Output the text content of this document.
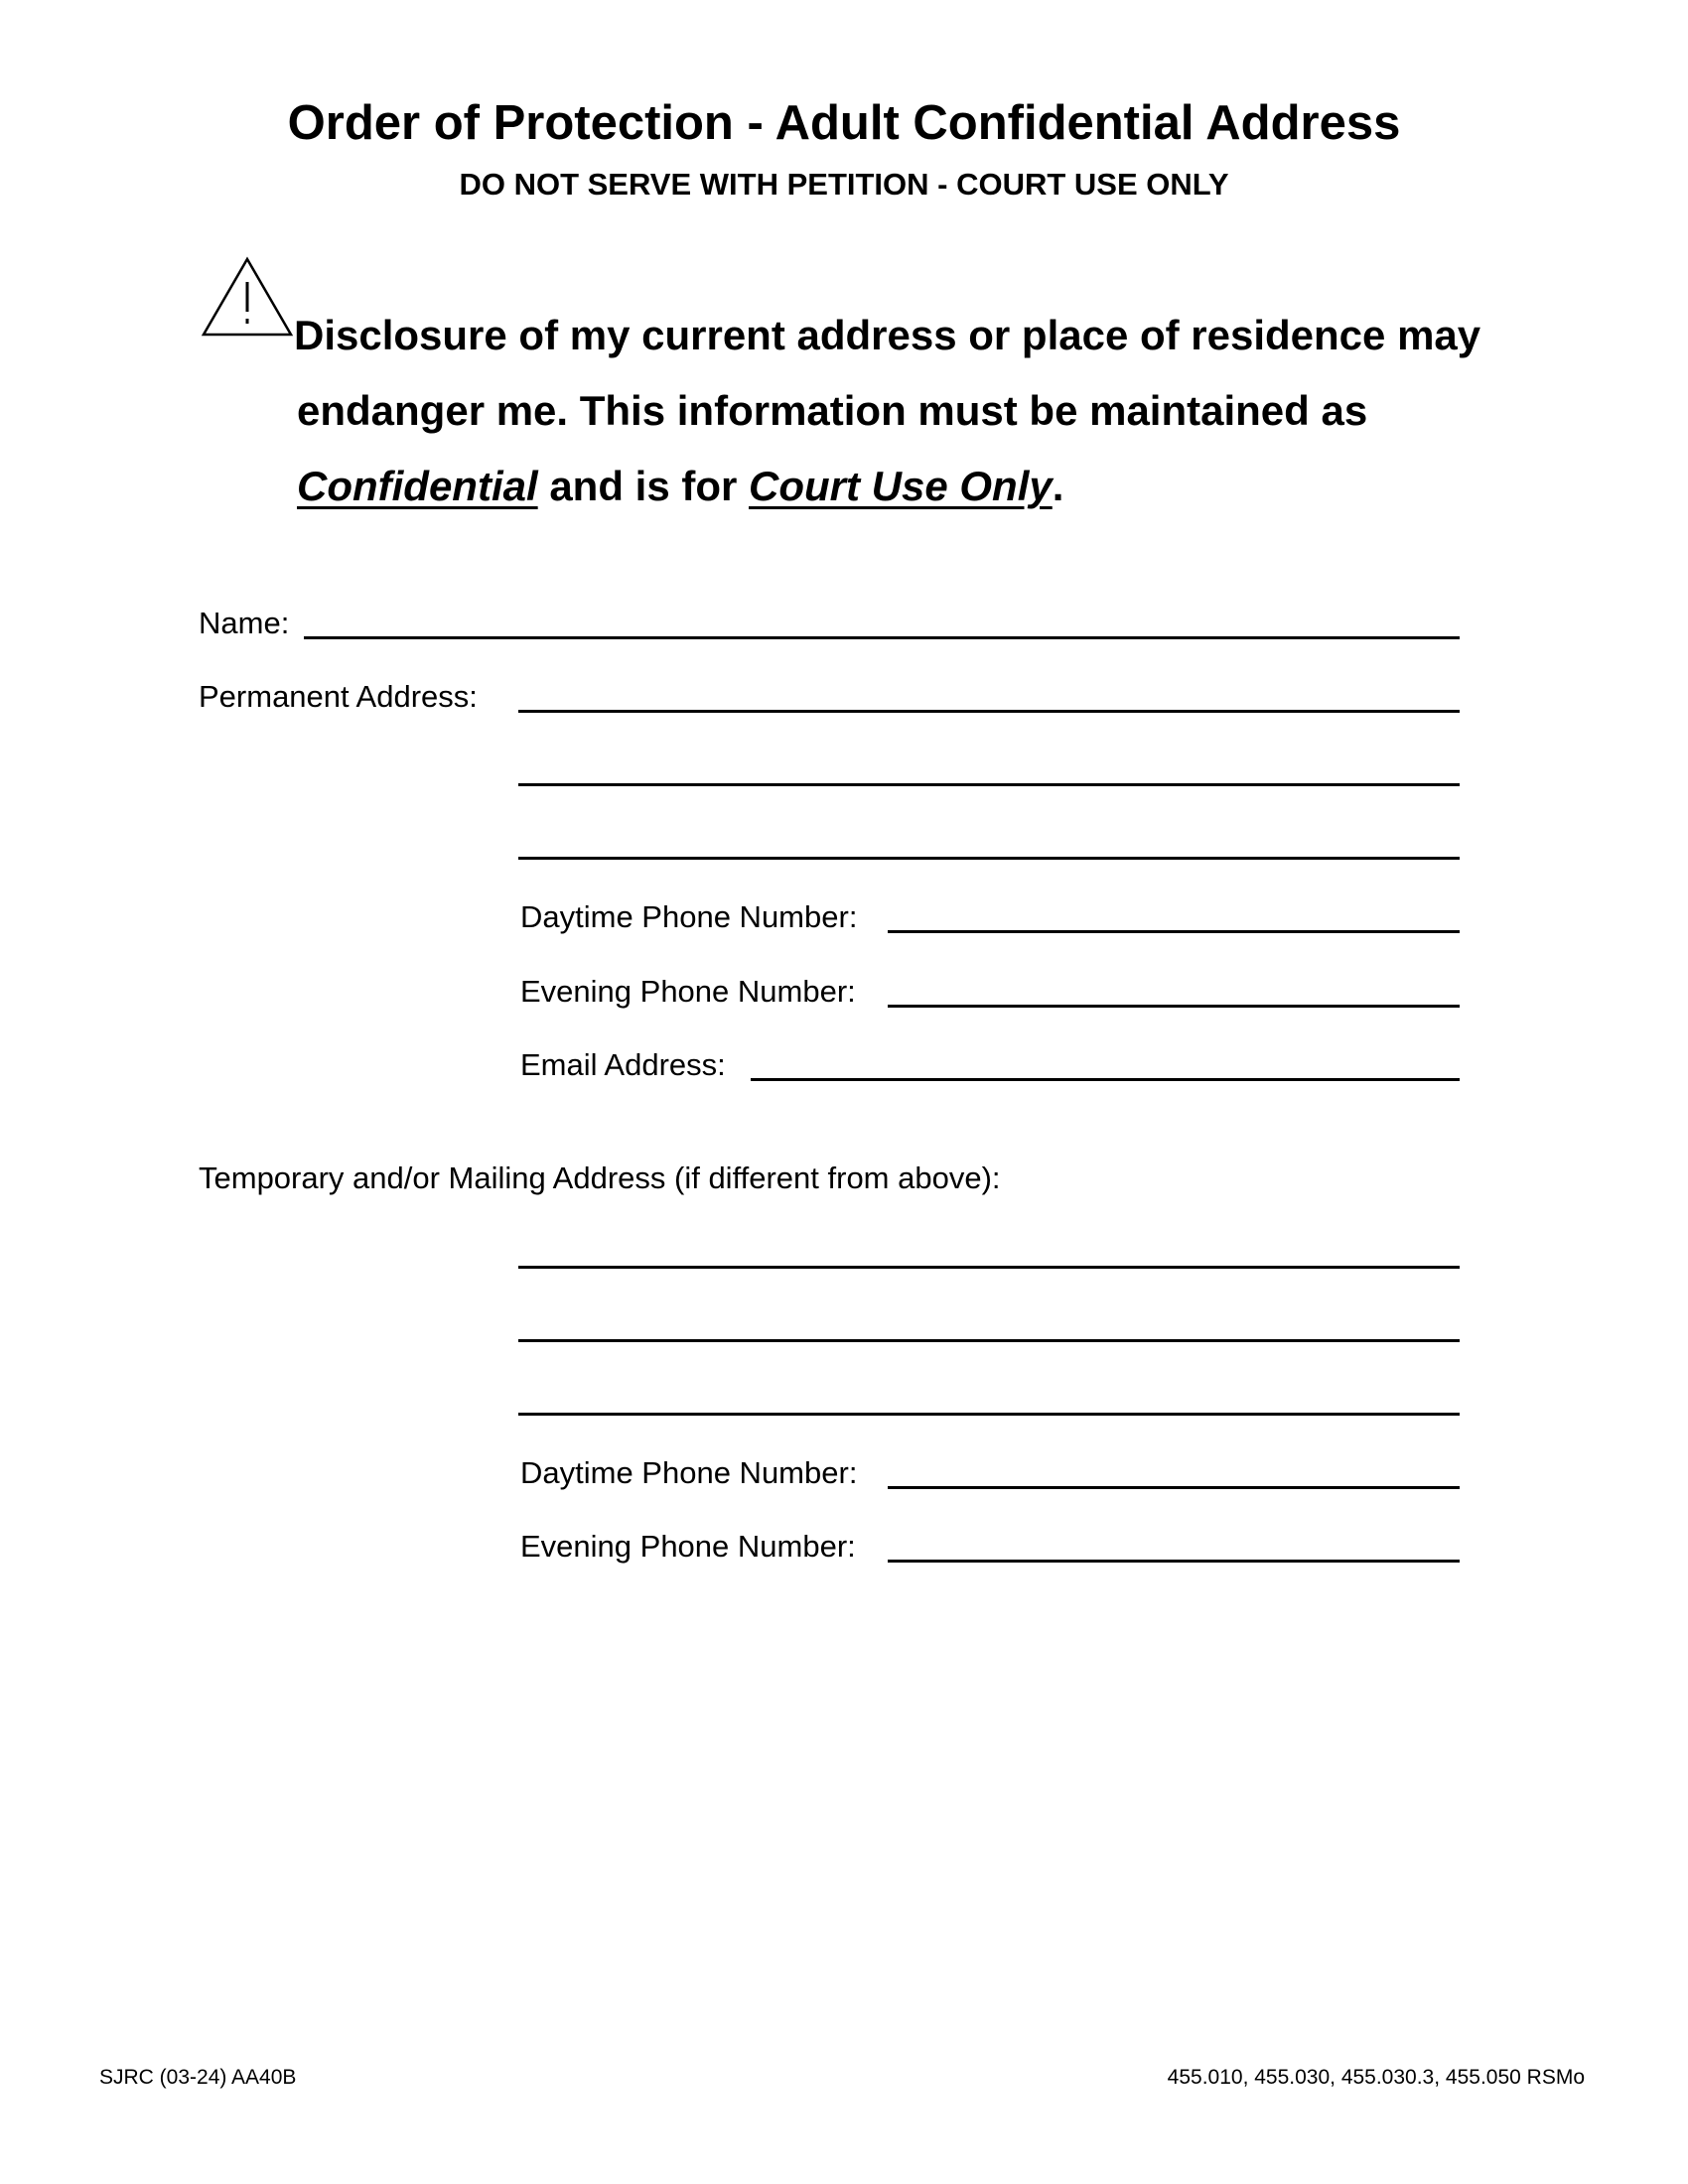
Order of Protection - Adult Confidential Address
DO NOT SERVE WITH PETITION - COURT USE ONLY
Disclosure of my current address or place of residence may
endanger me. This information must be maintained as
Confidential and is for Court Use Only.
Name:
Permanent Address:
Daytime Phone Number:
Evening Phone Number:
Email Address:
Temporary and/or Mailing Address (if different from above):
Daytime Phone Number:
Evening Phone Number:
SJRC (03-24) AA40B	455.010, 455.030, 455.030.3, 455.050 RSMo
